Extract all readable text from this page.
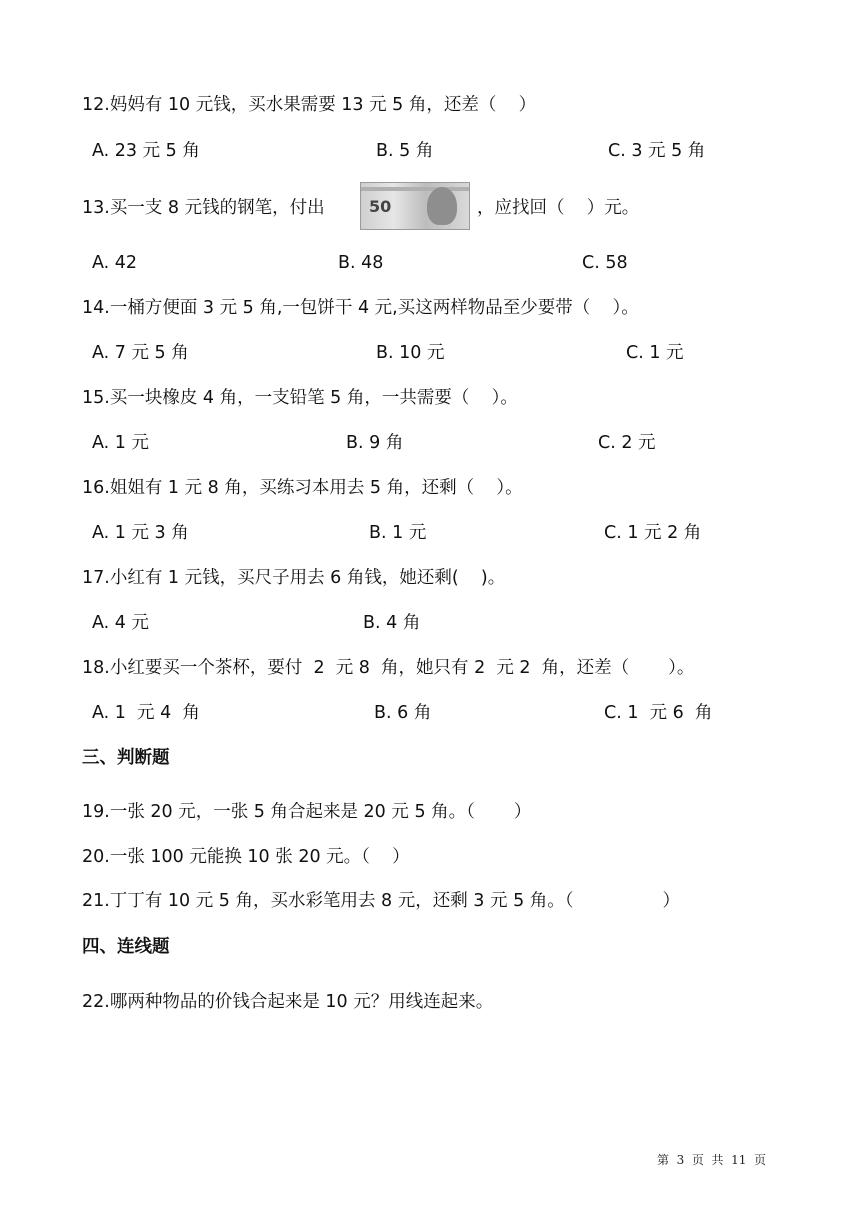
12.妈妈有 10 元钱，买水果需要 13 元 5 角，还差（    ）
A. 23 元 5 角	B. 5 角	C. 3 元 5 角
13.买一支 8 元钱的钢笔，付出	50	，应找回（    ）元。
A. 42	B. 48	C. 58
14.一桶方便面 3 元 5 角,一包饼干 4 元,买这两样物品至少要带（    ）。
A. 7 元 5 角	B. 10 元	C. 1 元
15.买一块橡皮 4 角，一支铅笔 5 角，一共需要（    ）。
A. 1 元	B. 9 角	C. 2 元
16.姐姐有 1 元 8 角，买练习本用去 5 角，还剩（    ）。
A. 1 元 3 角	B. 1 元	C. 1 元 2 角
17.小红有 1 元钱，买尺子用去 6 角钱，她还剩(    )。
A. 4 元	B. 4 角
18.小红要买一个茶杯，要付  2  元 8  角，她只有 2  元 2  角，还差（       ）。
A. 1  元 4  角	B. 6 角	C. 1  元 6  角
三、判断题
19.一张 20 元，一张 5 角合起来是 20 元 5 角。（       ）
20.一张 100 元能换 10 张 20 元。（    ）
21.丁丁有 10 元 5 角，买水彩笔用去 8 元，还剩 3 元 5 角。（                ）
四、连线题
22.哪两种物品的价钱合起来是 10 元？用线连起来。
第  3  页  共  11  页
